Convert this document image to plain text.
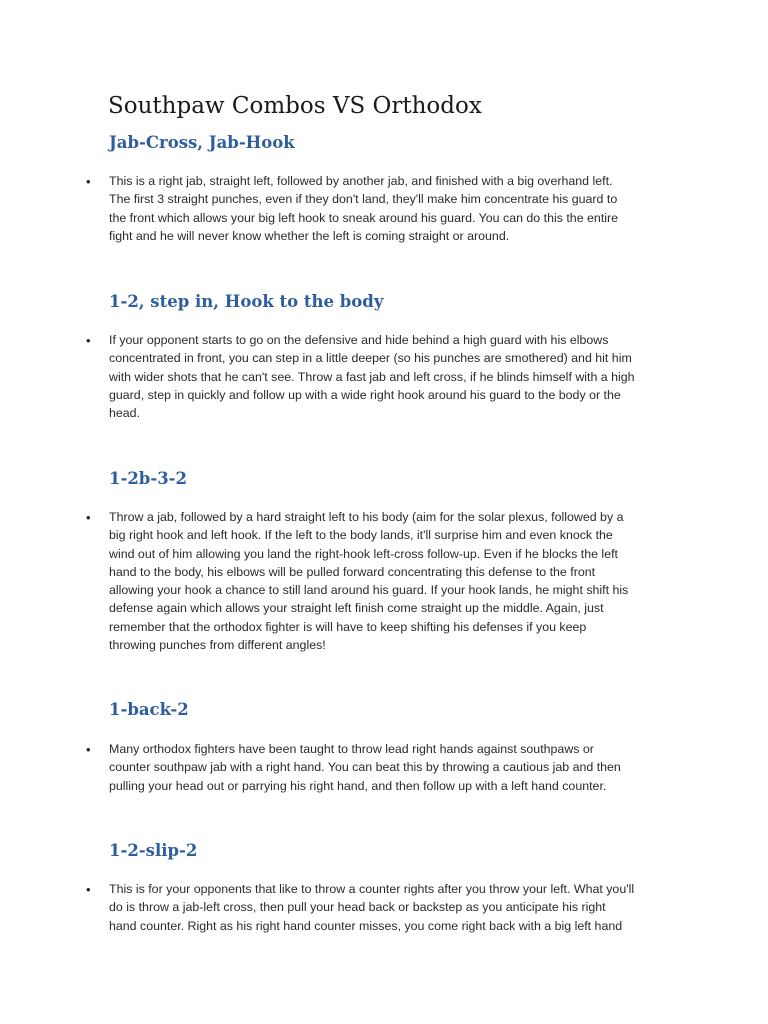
Southpaw Combos VS Orthodox
Jab-Cross, Jab-Hook
• This is a right jab, straight left, followed by another jab, and finished with a big overhand left.
The first 3 straight punches, even if they don't land, they'll make him concentrate his guard to
the front which allows your big left hook to sneak around his guard. You can do this the entire
fight and he will never know whether the left is coming straight or around.

1-2, step in, Hook to the body
• If your opponent starts to go on the defensive and hide behind a high guard with his elbows
concentrated in front, you can step in a little deeper (so his punches are smothered) and hit him
with wider shots that he can't see. Throw a fast jab and left cross, if he blinds himself with a high
guard, step in quickly and follow up with a wide right hook around his guard to the body or the
head.

1-2b-3-2
• Throw a jab, followed by a hard straight left to his body (aim for the solar plexus, followed by a
big right hook and left hook. If the left to the body lands, it'll surprise him and even knock the
wind out of him allowing you land the right-hook left-cross follow-up. Even if he blocks the left
hand to the body, his elbows will be pulled forward concentrating this defense to the front
allowing your hook a chance to still land around his guard. If your hook lands, he might shift his
defense again which allows your straight left finish come straight up the middle. Again, just
remember that the orthodox fighter is will have to keep shifting his defenses if you keep
throwing punches from different angles!

1-back-2
• Many orthodox fighters have been taught to throw lead right hands against southpaws or
counter southpaw jab with a right hand. You can beat this by throwing a cautious jab and then
pulling your head out or parrying his right hand, and then follow up with a left hand counter.

1-2-slip-2
• This is for your opponents that like to throw a counter rights after you throw your left. What you'll
do is throw a jab-left cross, then pull your head back or backstep as you anticipate his right
hand counter. Right as his right hand counter misses, you come right back with a big left hand
